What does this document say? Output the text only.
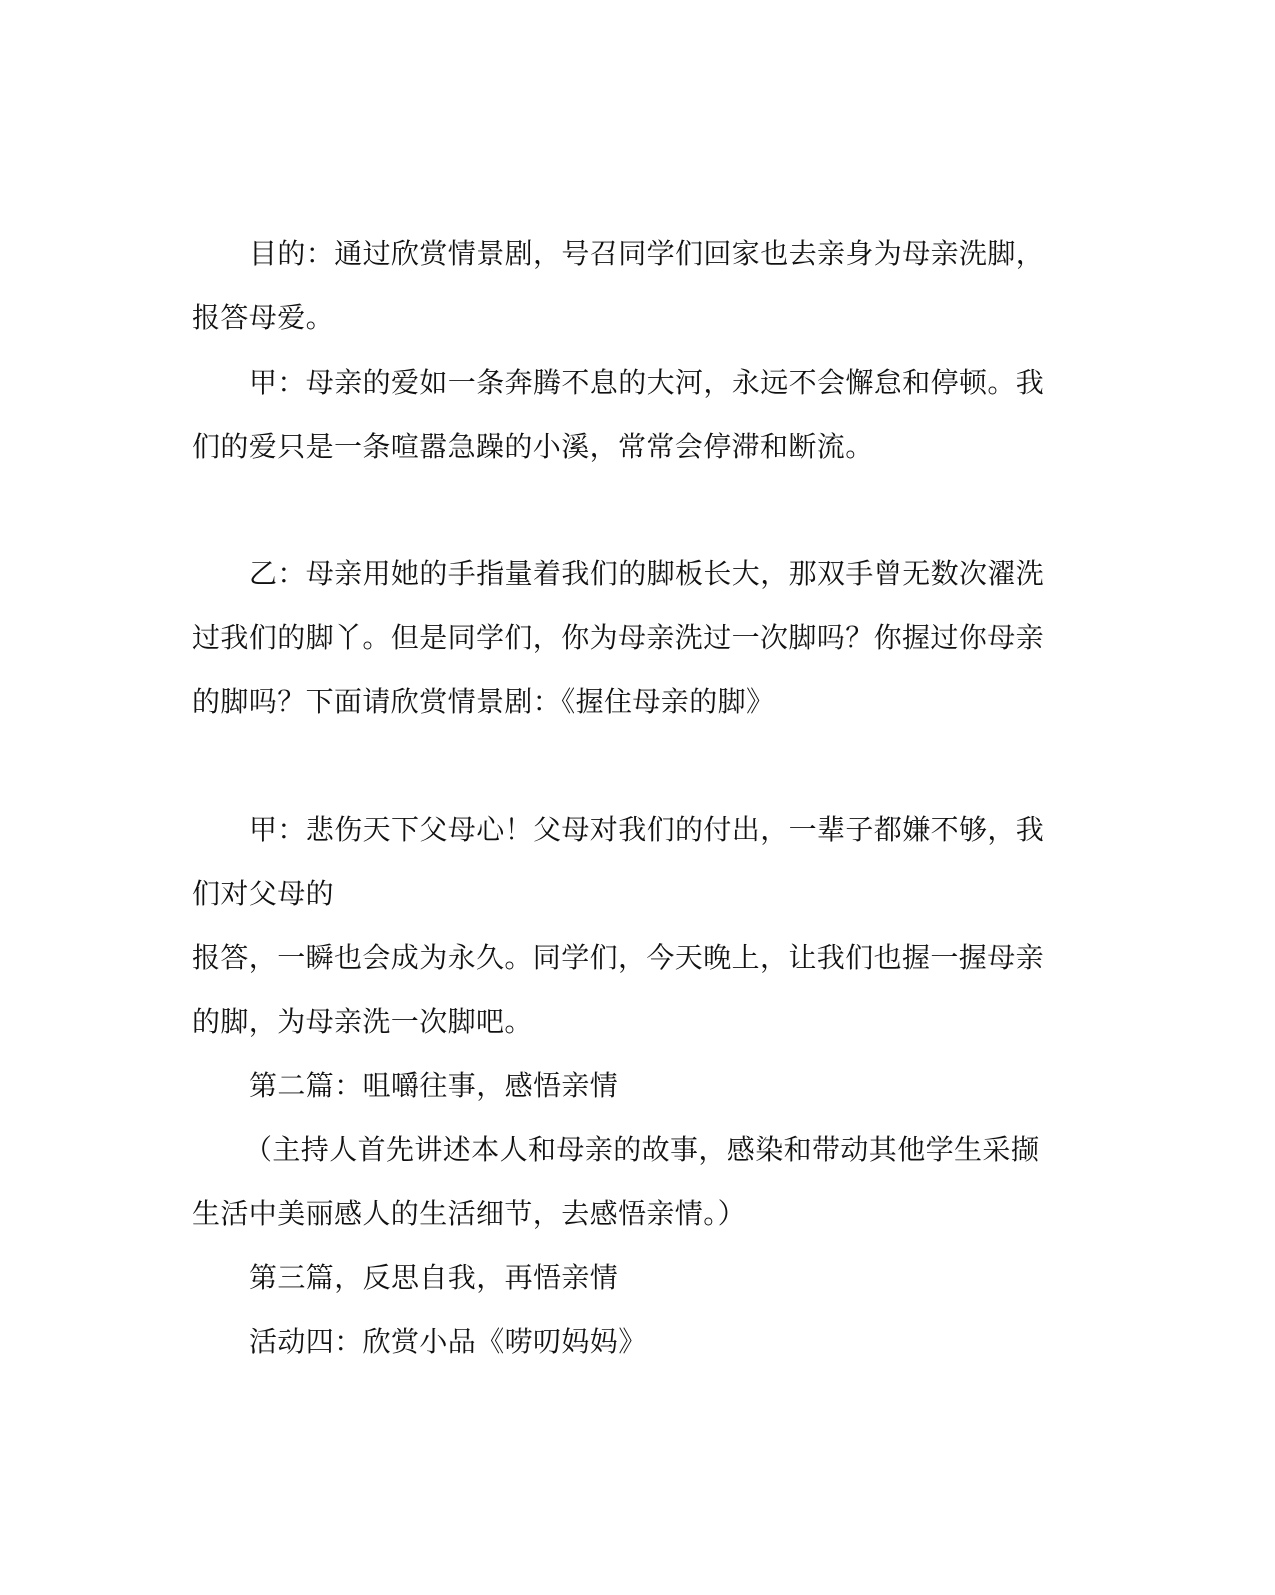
目的：通过欣赏情景剧，号召同学们回家也去亲身为母亲洗脚，
报答母爱。
甲：母亲的爱如一条奔腾不息的大河，永远不会懈怠和停顿。我
们的爱只是一条喧嚣急躁的小溪，常常会停滞和断流。
乙：母亲用她的手指量着我们的脚板长大，那双手曾无数次濯洗
过我们的脚丫。但是同学们，你为母亲洗过一次脚吗？你握过你母亲
的脚吗？下面请欣赏情景剧：《握住母亲的脚》
甲：悲伤天下父母心！父母对我们的付出，一辈子都嫌不够，我
们对父母的
报答，一瞬也会成为永久。同学们，今天晚上，让我们也握一握母亲
的脚，为母亲洗一次脚吧。
第二篇：咀嚼往事，感悟亲情
（主持人首先讲述本人和母亲的故事，感染和带动其他学生采撷
生活中美丽感人的生活细节，去感悟亲情。）
第三篇，反思自我，再悟亲情
活动四：欣赏小品《唠叨妈妈》
